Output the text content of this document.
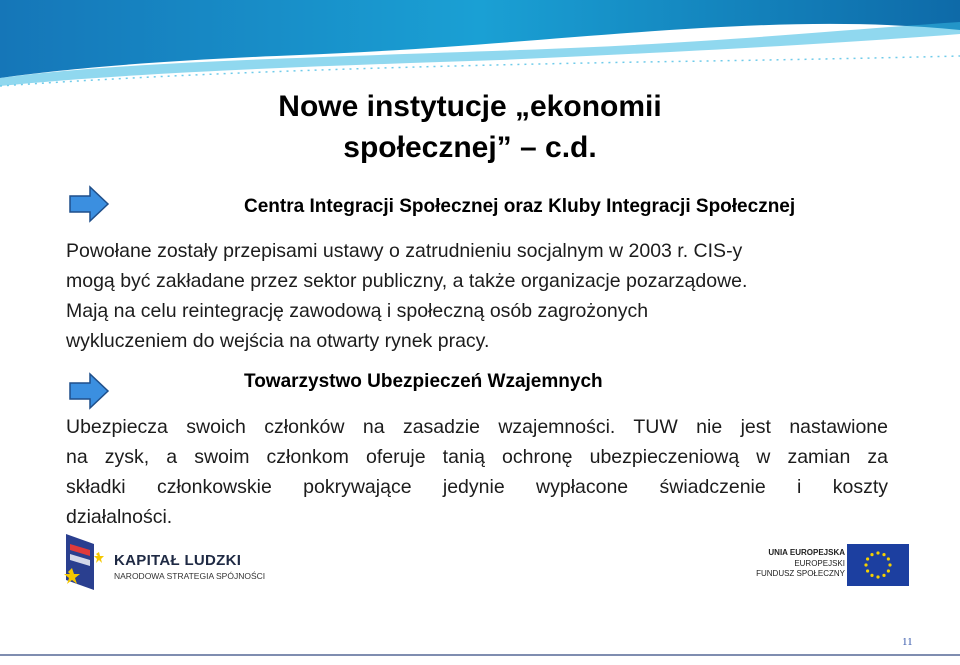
Nowe instytucje „ekonomii
społecznej” – c.d.
Centra Integracji Społecznej oraz Kluby Integracji Społecznej
Powołane zostały przepisami ustawy o zatrudnieniu socjalnym w 2003 r. CIS-y
mogą być zakładane przez sektor publiczny, a także organizacje pozarządowe.
Mają na celu reintegrację zawodową i społeczną osób zagrożonych
wykluczeniem do wejścia na otwarty rynek pracy.
Towarzystwo Ubezpieczeń Wzajemnych
Ubezpiecza swoich członków na zasadzie wzajemności. TUW nie jest nastawione
na zysk, a swoim członkom oferuje tanią ochronę ubezpieczeniową w zamian za
składki członkowskie pokrywające jedynie wypłacone świadczenie i koszty
działalności.
KAPITAŁ LUDZKI
NARODOWA STRATEGIA SPÓJNOŚCI
UNIA EUROPEJSKA
EUROPEJSKI
FUNDUSZ SPOŁECZNY
11
